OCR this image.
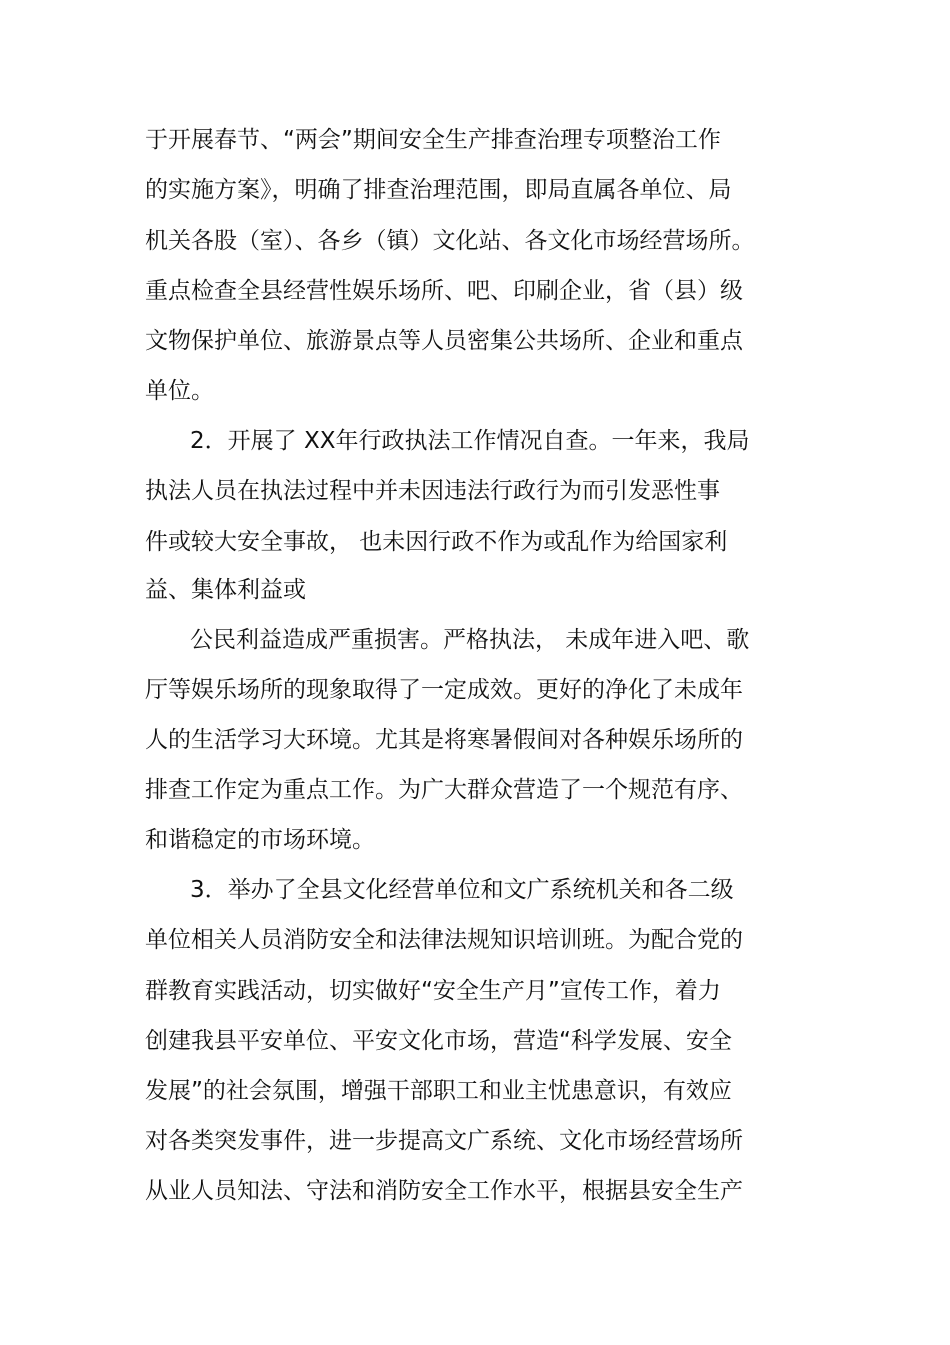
于开展春节、“两会”期间安全生产排查治理专项整治工作
的实施方案》，明确了排查治理范围，即局直属各单位、局
机关各股（室）、各乡（镇）文化站、各文化市场经营场所。
重点检查全县经营性娱乐场所、吧、印刷企业，省（县）级
文物保护单位、旅游景点等人员密集公共场所、企业和重点
单位。
2．开展了 XX年行政执法工作情况自查。一年来，我局
执法人员在执法过程中并未因违法行政行为而引发恶性事
件或较大安全事故， 也未因行政不作为或乱作为给国家利
益、集体利益或
公民利益造成严重损害。严格执法， 未成年进入吧、歌
厅等娱乐场所的现象取得了一定成效。更好的净化了未成年
人的生活学习大环境。尤其是将寒暑假间对各种娱乐场所的
排查工作定为重点工作。为广大群众营造了一个规范有序、
和谐稳定的市场环境。
3．举办了全县文化经营单位和文广系统机关和各二级
单位相关人员消防安全和法律法规知识培训班。为配合党的
群教育实践活动，切实做好“安全生产月”宣传工作，着力
创建我县平安单位、平安文化市场，营造“科学发展、安全
发展”的社会氛围，增强干部职工和业主忧患意识，有效应
对各类突发事件，进一步提高文广系统、文化市场经营场所
从业人员知法、守法和消防安全工作水平，根据县安全生产
